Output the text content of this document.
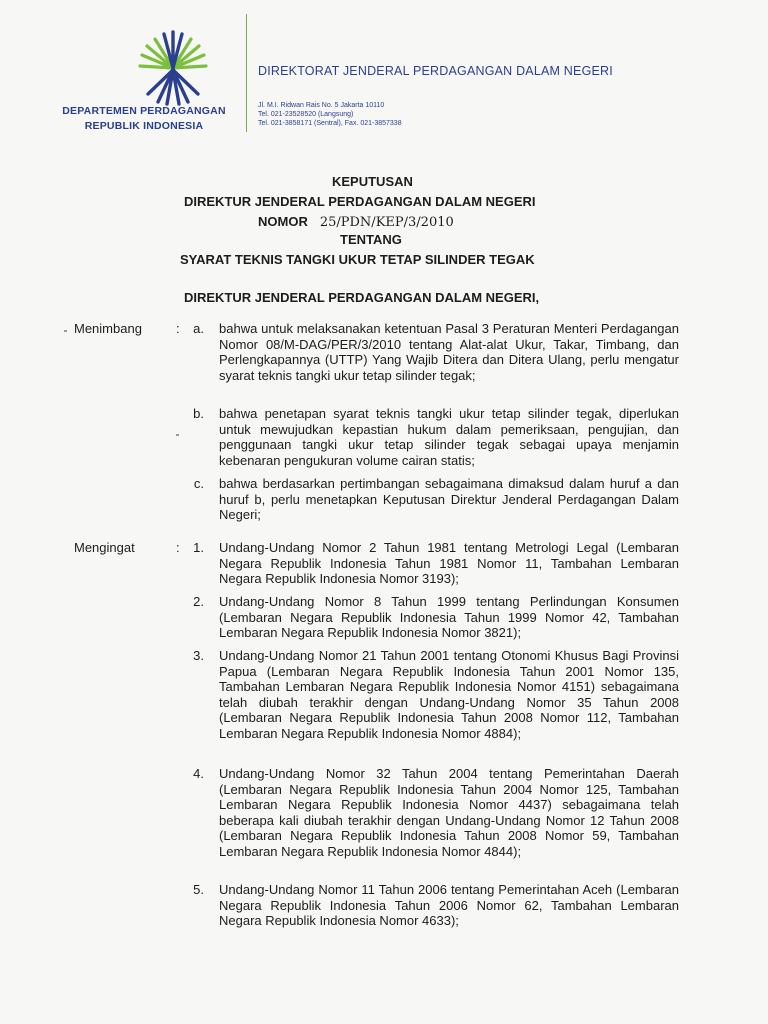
DEPARTEMEN PERDAGANGAN
REPUBLIK INDONESIA
DIREKTORAT JENDERAL PERDAGANGAN DALAM NEGERI
Jl. M.I. Ridwan Rais No. 5 Jakarta 10110
Tel. 021-23528520 (Langsung)
Tel. 021-3858171 (Sentral), Fax. 021-3857338
KEPUTUSAN
DIREKTUR JENDERAL PERDAGANGAN DALAM NEGERI
NOMOR 25/PDN/KEP/3/2010
TENTANG
SYARAT TEKNIS TANGKI UKUR TETAP SILINDER TEGAK
DIREKTUR JENDERAL PERDAGANGAN DALAM NEGERI,
Menimbang	:	a. bahwa untuk melaksanakan ketentuan Pasal 3 Peraturan Menteri Perdagangan Nomor 08/M-DAG/PER/3/2010 tentang Alat-alat Ukur, Takar, Timbang, dan Perlengkapannya (UTTP) Yang Wajib Ditera dan Ditera Ulang, perlu mengatur syarat teknis tangki ukur tetap silinder tegak;
b. bahwa penetapan syarat teknis tangki ukur tetap silinder tegak, diperlukan untuk mewujudkan kepastian hukum dalam pemeriksaan, pengujian, dan penggunaan tangki ukur tetap silinder tegak sebagai upaya menjamin kebenaran pengukuran volume cairan statis;
c. bahwa berdasarkan pertimbangan sebagaimana dimaksud dalam huruf a dan huruf b, perlu menetapkan Keputusan Direktur Jenderal Perdagangan Dalam Negeri;
Mengingat	:	1. Undang-Undang Nomor 2 Tahun 1981 tentang Metrologi Legal (Lembaran Negara Republik Indonesia Tahun 1981 Nomor 11, Tambahan Lembaran Negara Republik Indonesia Nomor 3193);
2. Undang-Undang Nomor 8 Tahun 1999 tentang Perlindungan Konsumen (Lembaran Negara Republik Indonesia Tahun 1999 Nomor 42, Tambahan Lembaran Negara Republik Indonesia Nomor 3821);
3. Undang-Undang Nomor 21 Tahun 2001 tentang Otonomi Khusus Bagi Provinsi Papua (Lembaran Negara Republik Indonesia Tahun 2001 Nomor 135, Tambahan Lembaran Negara Republik Indonesia Nomor 4151) sebagaimana telah diubah terakhir dengan Undang-Undang Nomor 35 Tahun 2008 (Lembaran Negara Republik Indonesia Tahun 2008 Nomor 112, Tambahan Lembaran Negara Republik Indonesia Nomor 4884);
4. Undang-Undang Nomor 32 Tahun 2004 tentang Pemerintahan Daerah (Lembaran Negara Republik Indonesia Tahun 2004 Nomor 125, Tambahan Lembaran Negara Republik Indonesia Nomor 4437) sebagaimana telah beberapa kali diubah terakhir dengan Undang-Undang Nomor 12 Tahun 2008 (Lembaran Negara Republik Indonesia Tahun 2008 Nomor 59, Tambahan Lembaran Negara Republik Indonesia Nomor 4844);
5. Undang-Undang Nomor 11 Tahun 2006 tentang Pemerintahan Aceh (Lembaran Negara Republik Indonesia Tahun 2006 Nomor 62, Tambahan Lembaran Negara Republik Indonesia Nomor 4633);
